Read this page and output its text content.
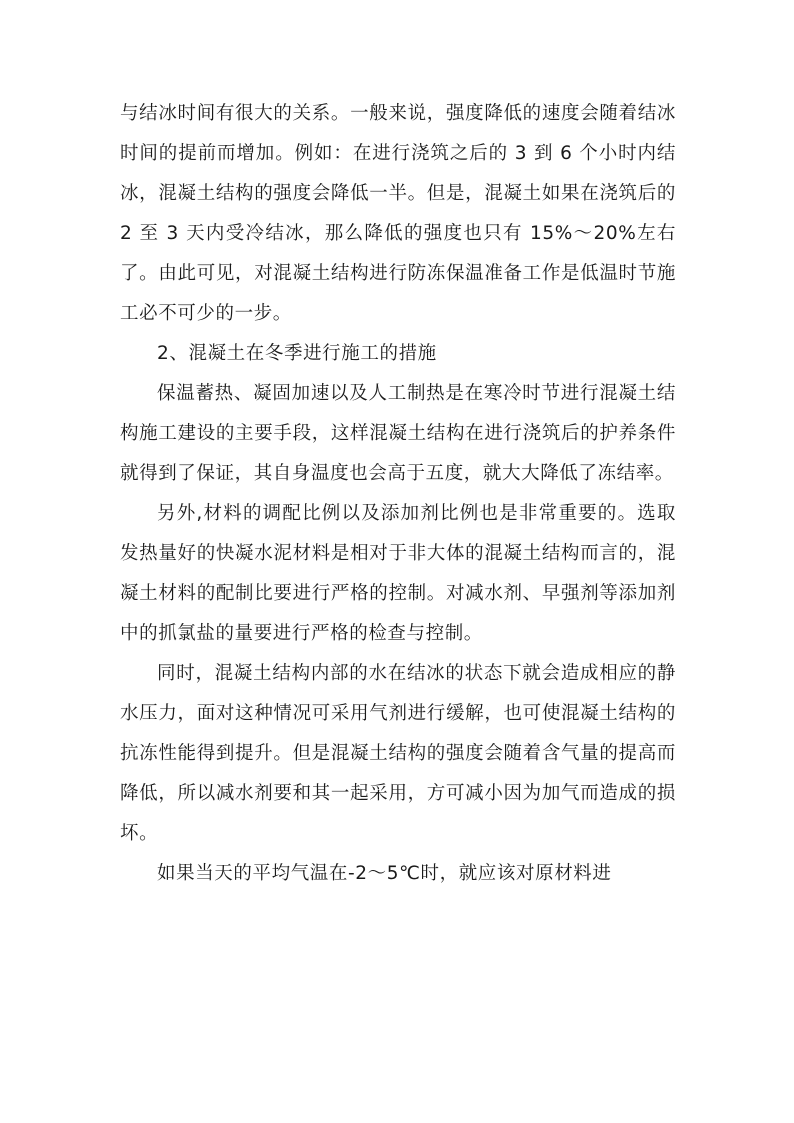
与结冰时间有很大的关系。一般来说，强度降低的速度会随着结冰时间的提前而增加。例如：在进行浇筑之后的 3 到 6 个小时内结冰，混凝土结构的强度会降低一半。但是，混凝土如果在浇筑后的 2 至 3 天内受冷结冰，那么降低的强度也只有 15%～20%左右了。由此可见，对混凝土结构进行防冻保温准备工作是低温时节施工必不可少的一步。

2、混凝土在冬季进行施工的措施

保温蓄热、凝固加速以及人工制热是在寒冷时节进行混凝土结构施工建设的主要手段，这样混凝土结构在进行浇筑后的护养条件就得到了保证，其自身温度也会高于五度，就大大降低了冻结率。

另外,材料的调配比例以及添加剂比例也是非常重要的。选取发热量好的快凝水泥材料是相对于非大体的混凝土结构而言的，混凝土材料的配制比要进行严格的控制。对减水剂、早强剂等添加剂中的抓氯盐的量要进行严格的检查与控制。

同时，混凝土结构内部的水在结冰的状态下就会造成相应的静水压力，面对这种情况可采用气剂进行缓解，也可使混凝土结构的抗冻性能得到提升。但是混凝土结构的强度会随着含气量的提高而降低，所以减水剂要和其一起采用，方可减小因为加气而造成的损坏。

如果当天的平均气温在-2～5℃时，就应该对原材料进
